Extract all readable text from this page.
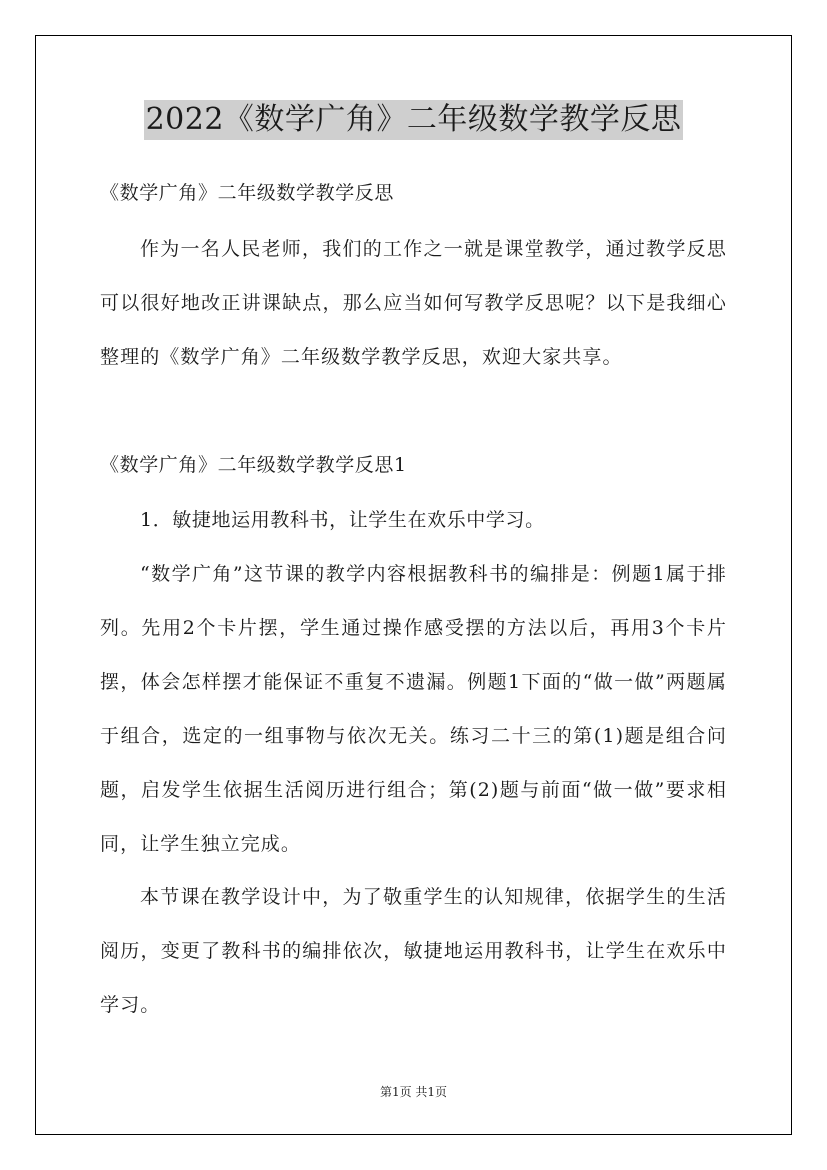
2022《数学广角》二年级数学教学反思
《数学广角》二年级数学教学反思

作为一名人民老师，我们的工作之一就是课堂教学，通过教学反思可以很好地改正讲课缺点，那么应当如何写教学反思呢？以下是我细心整理的《数学广角》二年级数学教学反思，欢迎大家共享。

《数学广角》二年级数学教学反思1
1．敏捷地运用教科书，让学生在欢乐中学习。

“数学广角”这节课的教学内容根据教科书的编排是：例题1属于排列。先用2个卡片摆，学生通过操作感受摆的方法以后，再用3个卡片摆，体会怎样摆才能保证不重复不遗漏。例题1下面的“做一做”两题属于组合，选定的一组事物与依次无关。练习二十三的第(1)题是组合问题，启发学生依据生活阅历进行组合；第(2)题与前面“做一做”要求相同，让学生独立完成。

本节课在教学设计中，为了敬重学生的认知规律，依据学生的生活阅历，变更了教科书的编排依次，敏捷地运用教科书，让学生在欢乐中学习。

第1页 共1页
